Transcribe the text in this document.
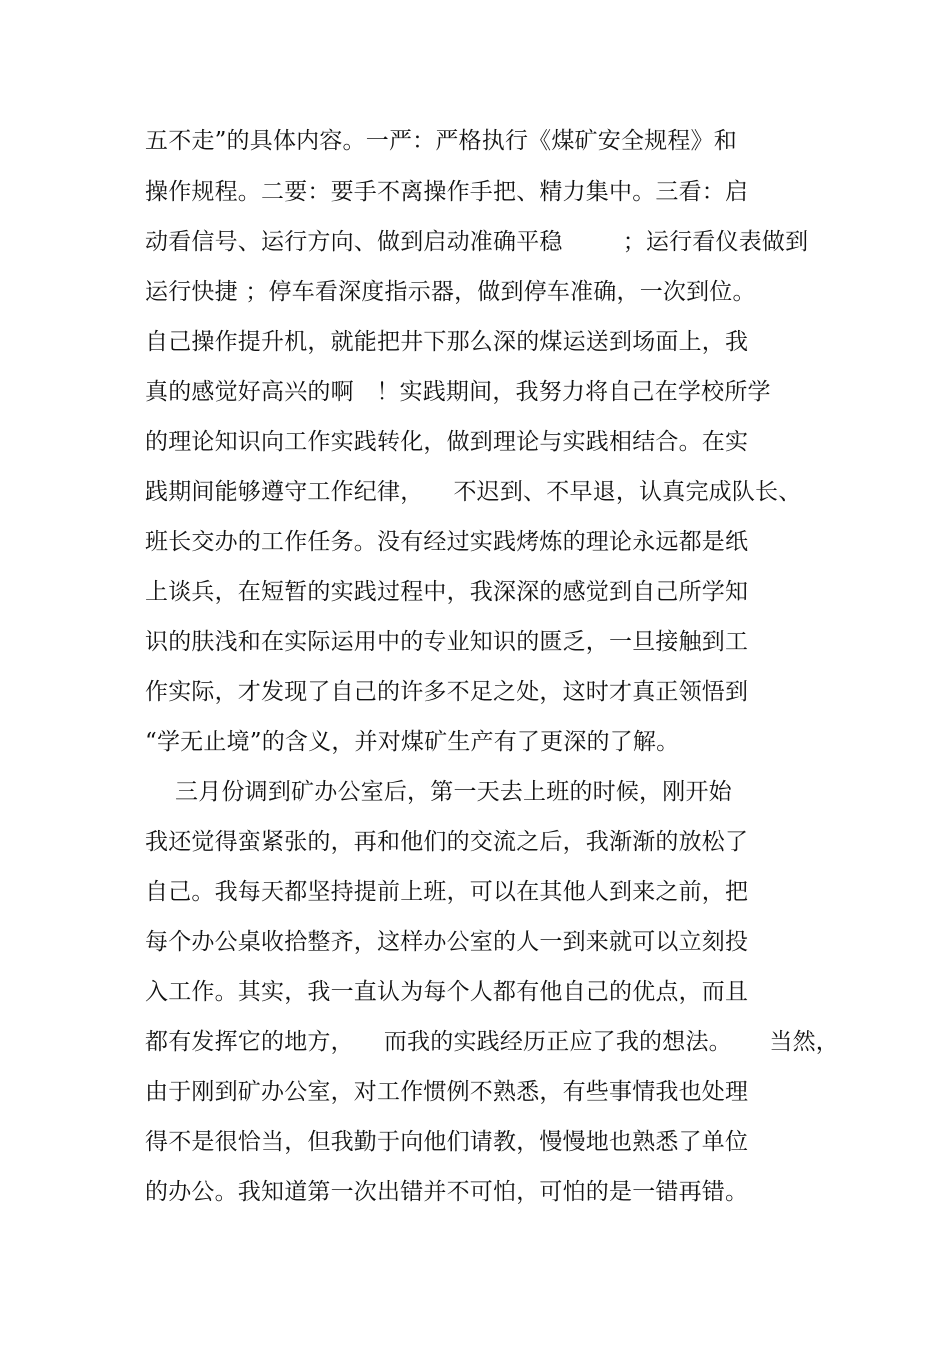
五不走”的具体内容。一严：严格执行《煤矿安全规程》和
操作规程。二要：要手不离操作手把、精力集中。三看：启
动看信号、运行方向、做到启动准确平稳        ；运行看仪表做到
运行快捷 ；停车看深度指示器，做到停车准确，一次到位。
自己操作提升机，就能把井下那么深的煤运送到场面上，我
真的感觉好高兴的啊   ！实践期间，我努力将自己在学校所学
的理论知识向工作实践转化，做到理论与实践相结合。在实
践期间能够遵守工作纪律，    不迟到、不早退，认真完成队长、
班长交办的工作任务。没有经过实践烤炼的理论永远都是纸
上谈兵，在短暂的实践过程中，我深深的感觉到自己所学知
识的肤浅和在实际运用中的专业知识的匮乏，一旦接触到工
作实际，才发现了自己的许多不足之处，这时才真正领悟到
“学无止境”的含义，并对煤矿生产有了更深的了解。
三月份调到矿办公室后，第一天去上班的时候，刚开始
我还觉得蛮紧张的，再和他们的交流之后，我渐渐的放松了
自己。我每天都坚持提前上班，可以在其他人到来之前，把
每个办公桌收拾整齐，这样办公室的人一到来就可以立刻投
入工作。其实，我一直认为每个人都有他自己的优点，而且
都有发挥它的地方，    而我的实践经历正应了我的想法。     当然，
由于刚到矿办公室，对工作惯例不熟悉，有些事情我也处理
得不是很恰当，但我勤于向他们请教，慢慢地也熟悉了单位
的办公。我知道第一次出错并不可怕，可怕的是一错再错。
